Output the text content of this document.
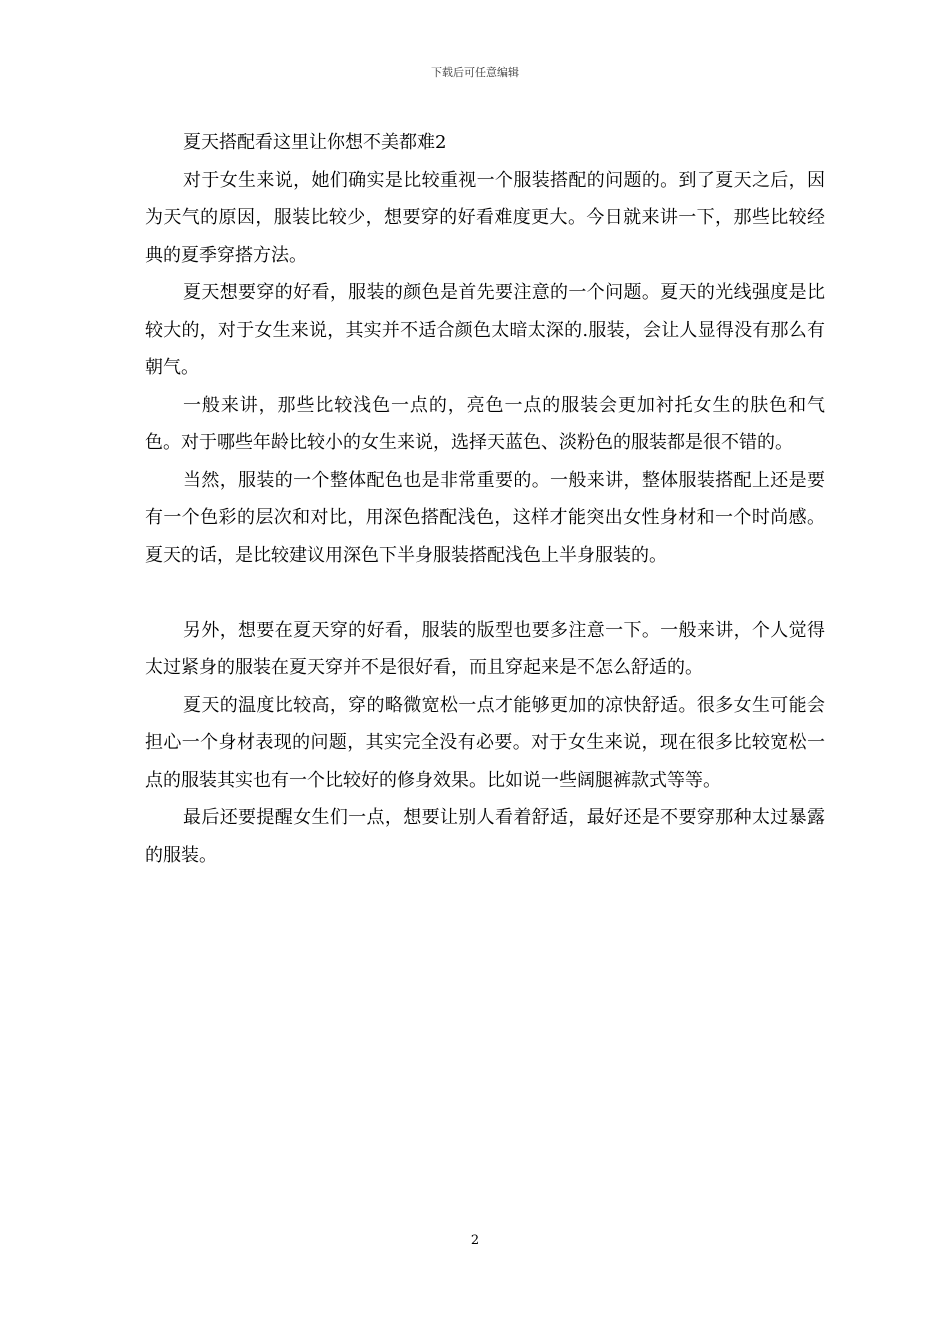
下载后可任意编辑

夏天搭配看这里让你想不美都难2

对于女生来说，她们确实是比较重视一个服装搭配的问题的。到了夏天之后，因为天气的原因，服装比较少，想要穿的好看难度更大。今日就来讲一下，那些比较经典的夏季穿搭方法。

夏天想要穿的好看，服装的颜色是首先要注意的一个问题。夏天的光线强度是比较大的，对于女生来说，其实并不适合颜色太暗太深的.服装，会让人显得没有那么有朝气。

一般来讲，那些比较浅色一点的，亮色一点的服装会更加衬托女生的肤色和气色。对于哪些年龄比较小的女生来说，选择天蓝色、淡粉色的服装都是很不错的。

当然，服装的一个整体配色也是非常重要的。一般来讲，整体服装搭配上还是要有一个色彩的层次和对比，用深色搭配浅色，这样才能突出女性身材和一个时尚感。夏天的话，是比较建议用深色下半身服装搭配浅色上半身服装的。

另外，想要在夏天穿的好看，服装的版型也要多注意一下。一般来讲，个人觉得太过紧身的服装在夏天穿并不是很好看，而且穿起来是不怎么舒适的。

夏天的温度比较高，穿的略微宽松一点才能够更加的凉快舒适。很多女生可能会担心一个身材表现的问题，其实完全没有必要。对于女生来说，现在很多比较宽松一点的服装其实也有一个比较好的修身效果。比如说一些阔腿裤款式等等。

最后还要提醒女生们一点，想要让别人看着舒适，最好还是不要穿那种太过暴露的服装。

2
